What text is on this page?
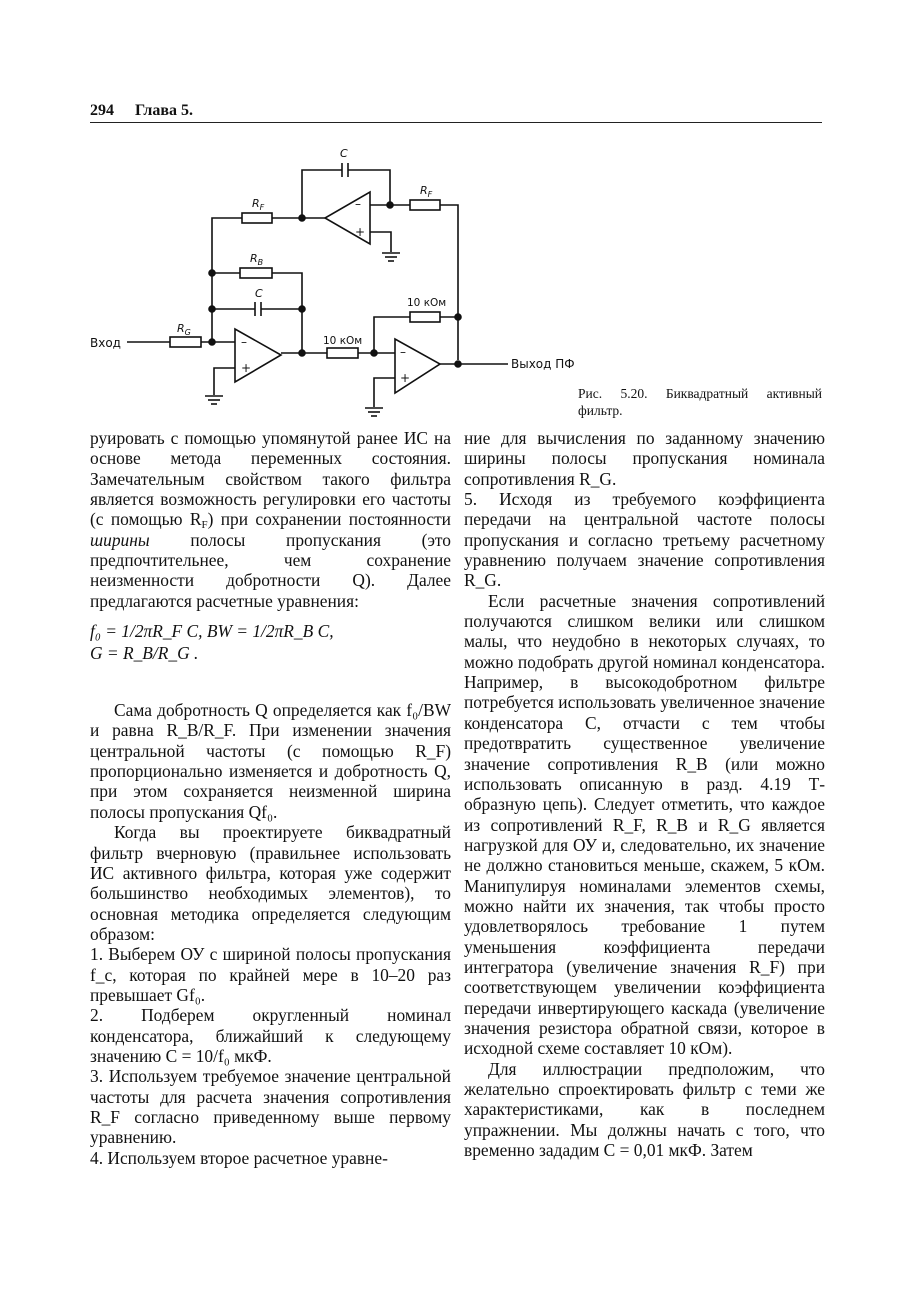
294 Глава 5.
–
+
C
$R_F$
$R_F$
$R_B$
C
Вход
$R_G$
–
+
10 кОм
10 кОм
–
+
Выход ПФ
Рис. 5.20. Биквадратный активный фильтр.

руировать с помощью упомянутой ранее ИС на основе метода переменных состояния. Замечательным свойством такого фильтра является возможность регулировки его частоты (с помощью $R_F$) при сохранении постоянности ширины полосы пропускания (это предпочтительнее, чем сохранение неизменности добротности Q). Далее предлагаются расчетные уравнения:

f₀ = 1/2πR_F C, BW = 1/2πR_B C,
G = R_B/R_G .

Сама добротность Q определяется как f₀/BW и равна R_B/R_F. При изменении значения центральной частоты (с помощью R_F) пропорционально изменяется и добротность Q, при этом сохраняется неизменной ширина полосы пропускания Qf₀.

Когда вы проектируете биквадратный фильтр вчерновую (правильнее использовать ИС активного фильтра, которая уже содержит большинство необходимых элементов), то основная методика определяется следующим образом:

1. Выберем ОУ с шириной полосы пропускания f_c, которая по крайней мере в 10–20 раз превышает Gf₀.

2. Подберем округленный номинал конденсатора, ближайший к следующему значению C = 10/f₀ мкФ.

3. Используем требуемое значение центральной частоты для расчета значения сопротивления R_F согласно приведенному выше первому уравнению.

4. Используем второе расчетное уравне-

ние для вычисления по заданному значению ширины полосы пропускания номинала сопротивления R_G.

5. Исходя из требуемого коэффициента передачи на центральной частоте полосы пропускания и согласно третьему расчетному уравнению получаем значение сопротивления R_G.

Если расчетные значения сопротивлений получаются слишком велики или слишком малы, что неудобно в некоторых случаях, то можно подобрать другой номинал конденсатора. Например, в высокодобротном фильтре потребуется использовать увеличенное значение конденсатора C, отчасти с тем чтобы предотвратить существенное увеличение значение сопротивления R_B (или можно использовать описанную в разд. 4.19 Т-образную цепь). Следует отметить, что каждое из сопротивлений R_F, R_B и R_G является нагрузкой для ОУ и, следовательно, их значение не должно становиться меньше, скажем, 5 кОм. Манипулируя номиналами элементов схемы, можно найти их значения, так чтобы просто удовлетворялось требование 1 путем уменьшения коэффициента передачи интегратора (увеличение значения R_F) при соответствующем увеличении коэффициента передачи инвертирующего каскада (увеличение значения резистора обратной связи, которое в исходной схеме составляет 10 кОм).

Для иллюстрации предположим, что желательно спроектировать фильтр с теми же характеристиками, как в последнем упражнении. Мы должны начать с того, что временно зададим C = 0,01 мкФ. Затем
